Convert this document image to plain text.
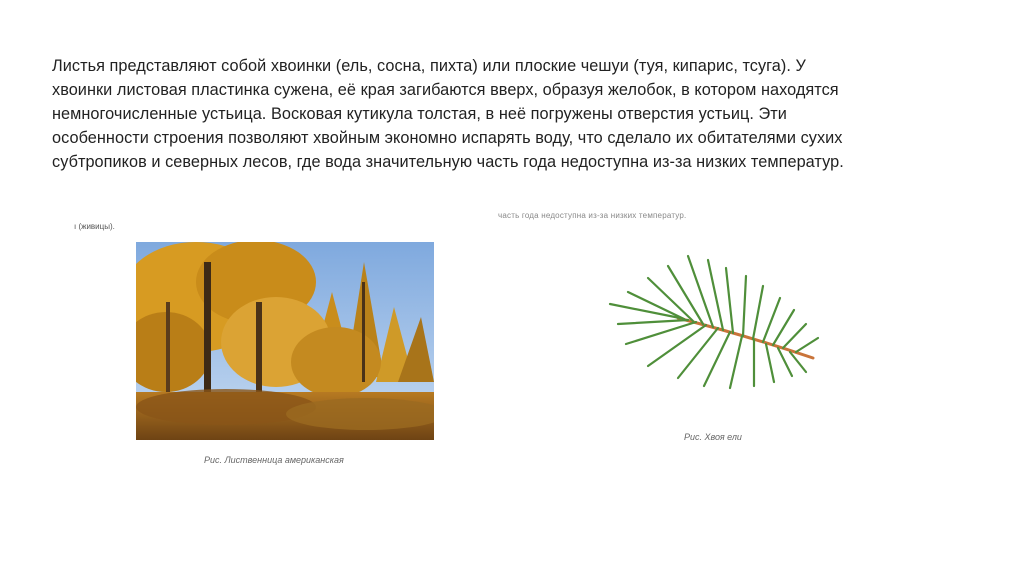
Листья представляют собой хвоинки (ель, сосна, пихта) или плоские чешуи (туя, кипарис, тсуга). У
хвоинки листовая пластинка сужена, её края загибаются вверх, образуя желобок, в котором находятся
немногочисленные устьица. Восковая кутикула толстая, в неё погружены отверстия устьиц. Эти
особенности строения позволяют хвойным экономно испарять воду, что сделало их обитателями сухих
субтропиков и северных лесов, где вода значительную часть года недоступна из-за низких температур.
ı (живицы).
часть года недоступна из-за низких температур.
Рис. Лиственница американская
Рис. Хвоя ели
